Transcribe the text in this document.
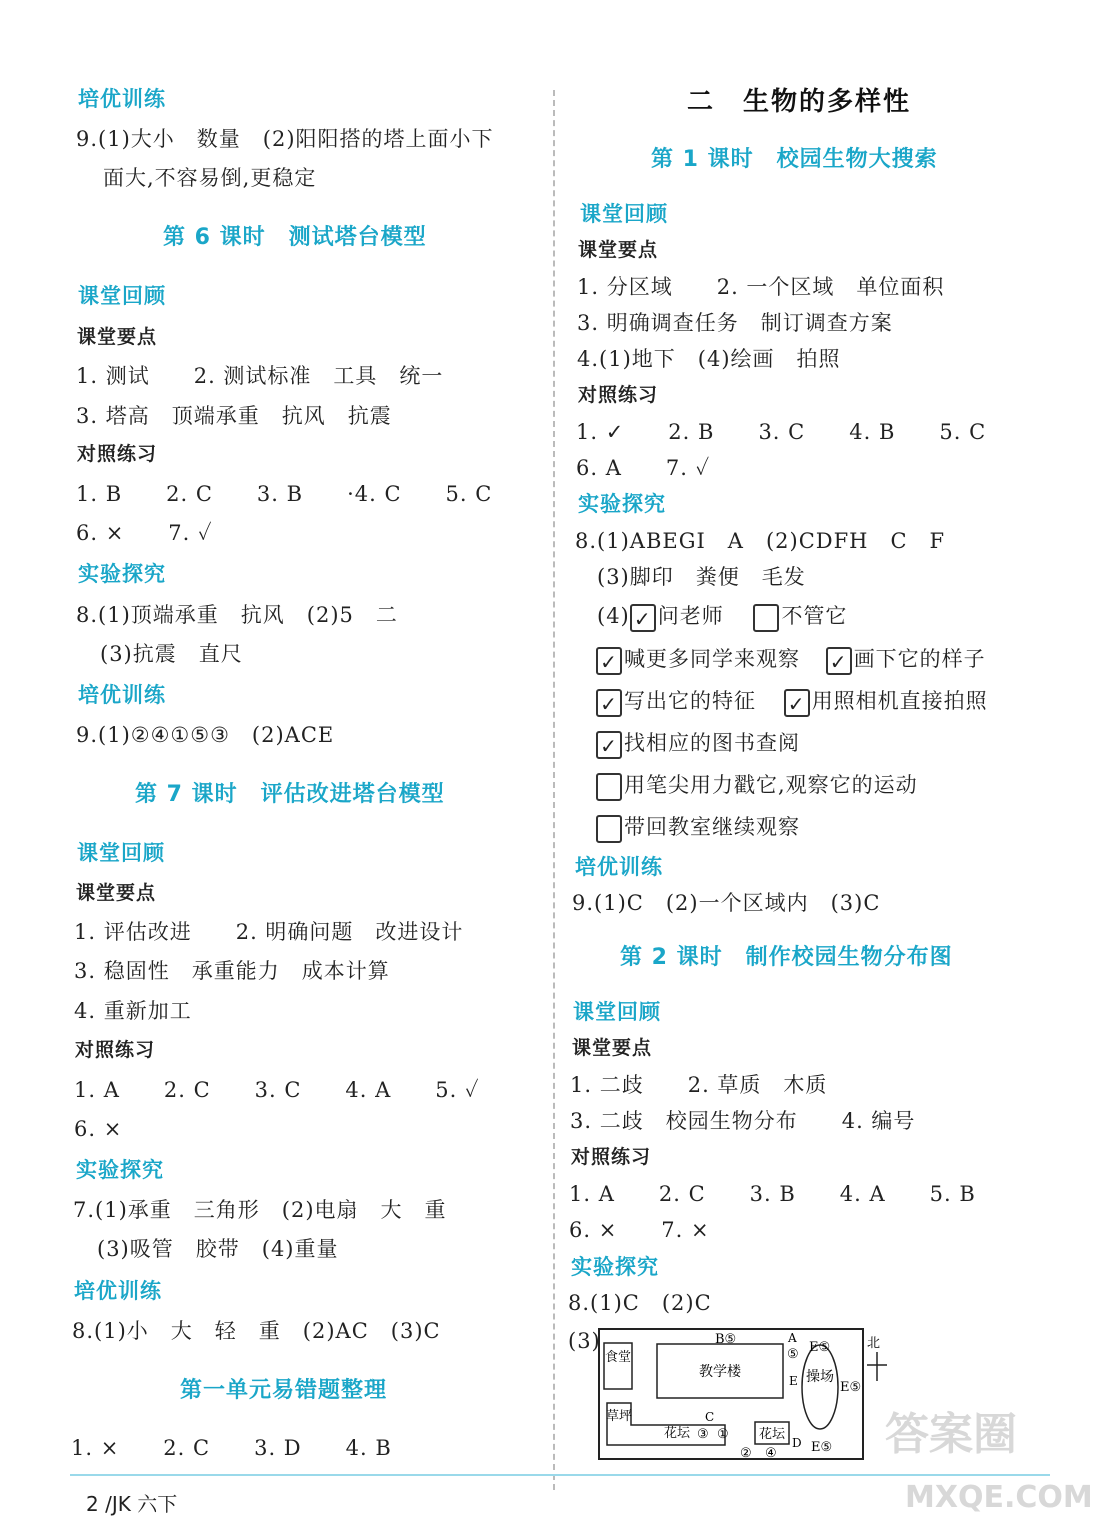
培优训练
9.(1)大小　数量　(2)阳阳搭的塔上面小下
面大,不容易倒,更稳定
第 6 课时　测试塔台模型
课堂回顾
课堂要点
1. 测试　　2. 测试标准　工具　统一
3. 塔高　顶端承重　抗风　抗震
对照练习
1. B　　2. C　　3. B　　·4. C　　5. C
6. ×　　7. ✓
实验探究
8.(1)顶端承重　抗风　(2)5　二
(3)抗震　直尺
培优训练
9.(1)②④①⑤③　(2)ACE
第 7 课时　评估改进塔台模型
课堂回顾
课堂要点
1. 评估改进　　2. 明确问题　改进设计
3. 稳固性　承重能力　成本计算
4. 重新加工
对照练习
1. A　　2. C　　3. C　　4. A　　5. ✓
6. ×
实验探究
7.(1)承重　三角形　(2)电扇　大　重
(3)吸管　胶带　(4)重量
培优训练
8.(1)小　大　轻　重　(2)AC　(3)C
第一单元易错题整理
1. ×　　2. C　　3. D　　4. B
二　生物的多样性
第 1 课时　校园生物大搜索
课堂回顾
课堂要点
1. 分区域　　2. 一个区域　单位面积
3. 明确调查任务　制订调查方案
4.(1)地下　(4)绘画　拍照
对照练习
1. ✓　　2. B　　3. C　　4. B　　5. C
6. A　　7. ✓
实验探究
8.(1)ABEGI　A　(2)CDFH　C　F
(3)脚印　粪便　毛发
(4) ✓ 问老师	不管它
✓ 喊更多同学来观察 ✓ 画下它的样子
✓ 写出它的特征 ✓ 用照相机直接拍照
✓ 找相应的图书查阅
用笔尖用力戳它,观察它的运动
带回教室继续观察
培优训练
9.(1)C　(2)一个区域内　(3)C
第 2 课时　制作校园生物分布图
课堂回顾
课堂要点
1. 二歧　　2. 草质　木质
3. 二歧　校园生物分布　　4. 编号
对照练习
1. A　　2. C　　3. B　　4. A　　5. B
6. ×　　7. ×
实验探究
8.(1)C　(2)C
(3)
食堂
教学楼	操场
草坪
花坛	花坛
B⑤	A
⑤ E⑤
E	E⑤
C
③ ①
② ④
D E⑤
北
答案圈
MXQE.COM
2 /JK 六下
